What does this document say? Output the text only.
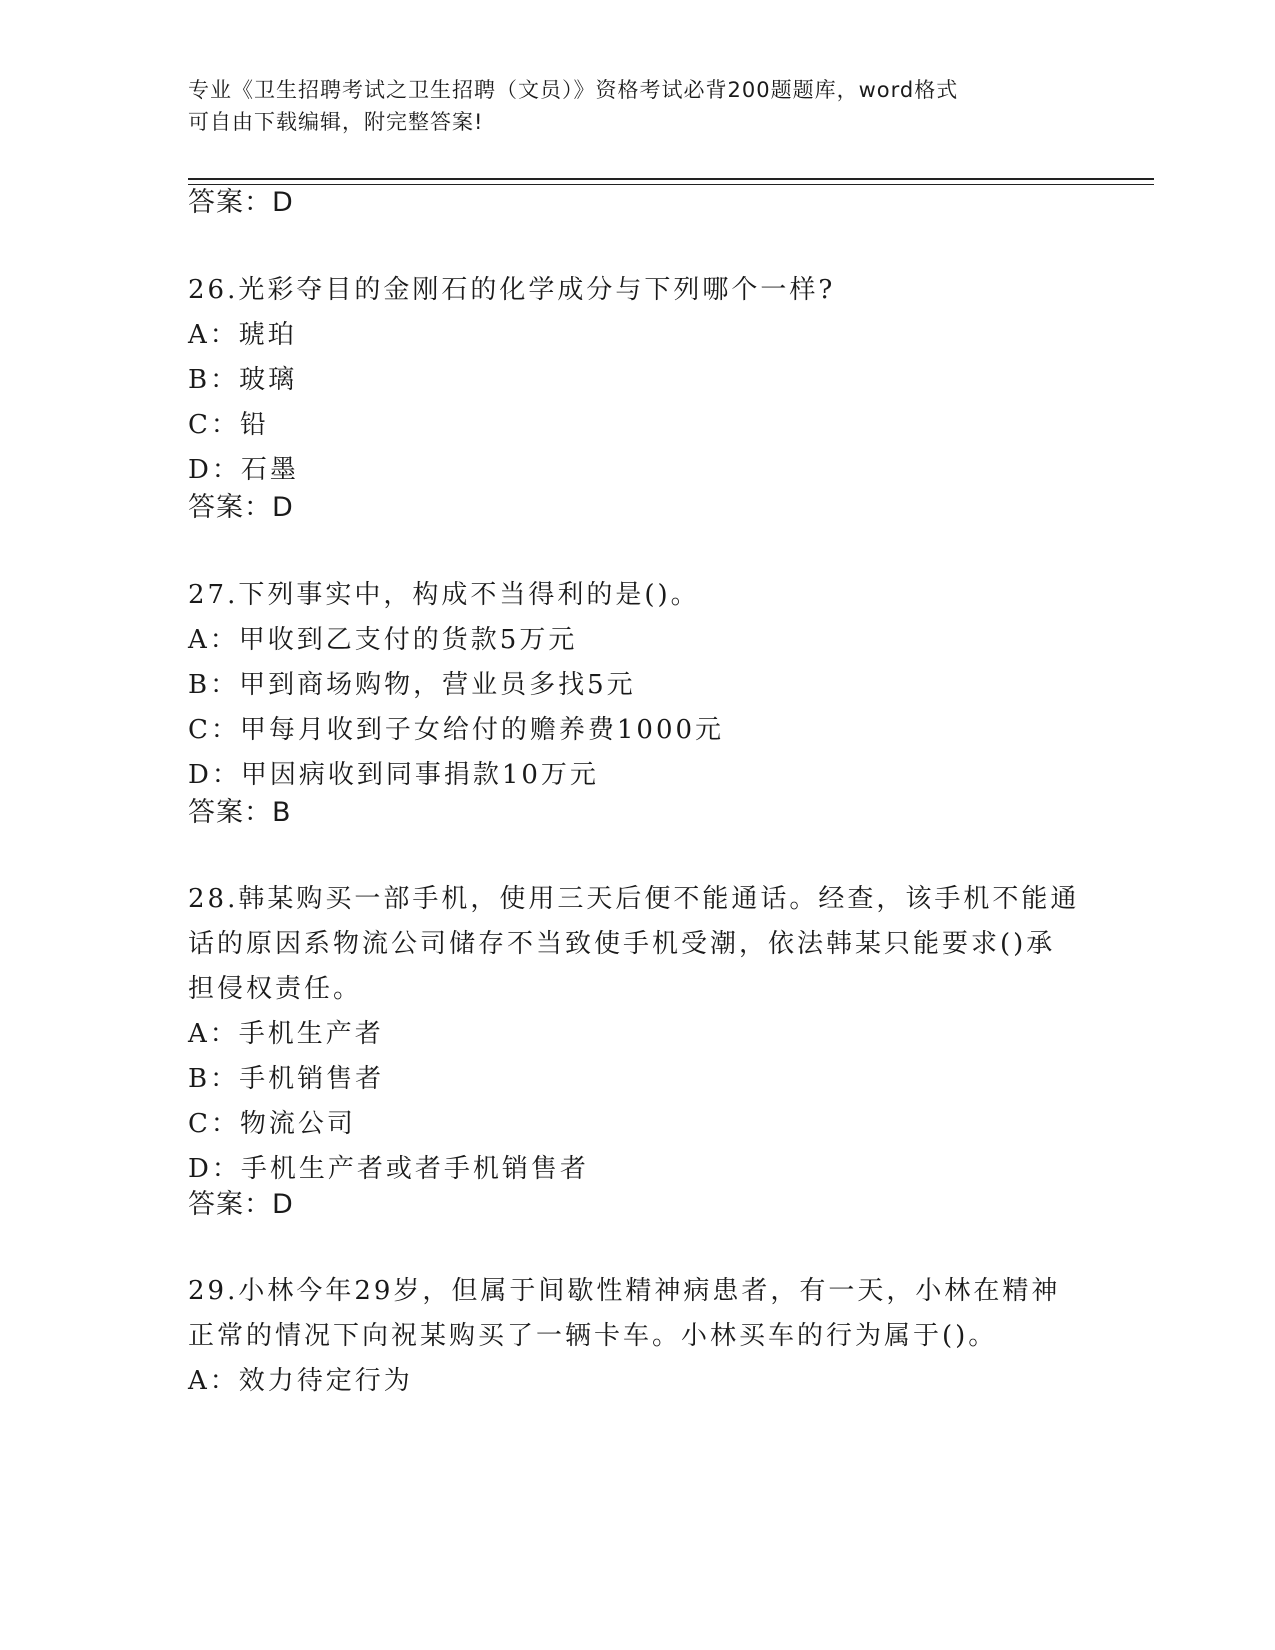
专业《卫生招聘考试之卫生招聘（文员）》资格考试必背200题题库，word格式
可自由下载编辑，附完整答案!
答案：D
26.光彩夺目的金刚石的化学成分与下列哪个一样?
A：琥珀
B：玻璃
C：铅
D：石墨
答案：D
27.下列事实中，构成不当得利的是()。
A：甲收到乙支付的货款5万元
B：甲到商场购物，营业员多找5元
C：甲每月收到子女给付的赡养费1000元
D：甲因病收到同事捐款10万元
答案：B
28.韩某购买一部手机，使用三天后便不能通话。经查，该手机不能通
话的原因系物流公司储存不当致使手机受潮，依法韩某只能要求()承
担侵权责任。
A：手机生产者
B：手机销售者
C：物流公司
D：手机生产者或者手机销售者
答案：D
29.小林今年29岁，但属于间歇性精神病患者，有一天，小林在精神
正常的情况下向祝某购买了一辆卡车。小林买车的行为属于()。
A：效力待定行为
